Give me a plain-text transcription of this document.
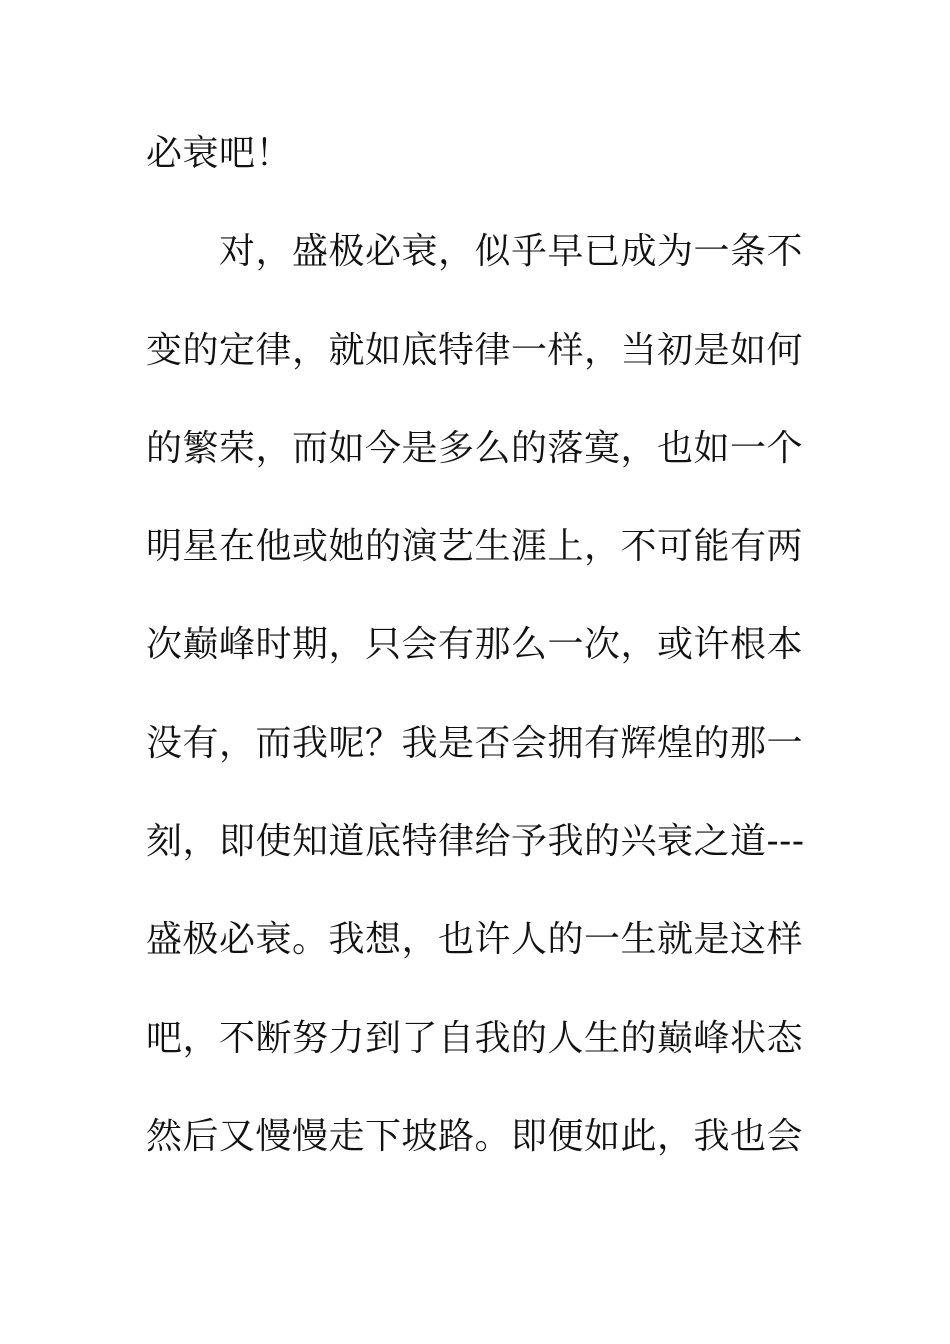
必衰吧！
对，盛极必衰，似乎早已成为一条不
变的定律，就如底特律一样，当初是如何
的繁荣，而如今是多么的落寞，也如一个
明星在他或她的演艺生涯上，不可能有两
次巅峰时期，只会有那么一次，或许根本
没有，而我呢？我是否会拥有辉煌的那一
刻，即使知道底特律给予我的兴衰之道---
盛极必衰。我想，也许人的一生就是这样
吧，不断努力到了自我的人生的巅峰状态
然后又慢慢走下坡路。即便如此，我也会
